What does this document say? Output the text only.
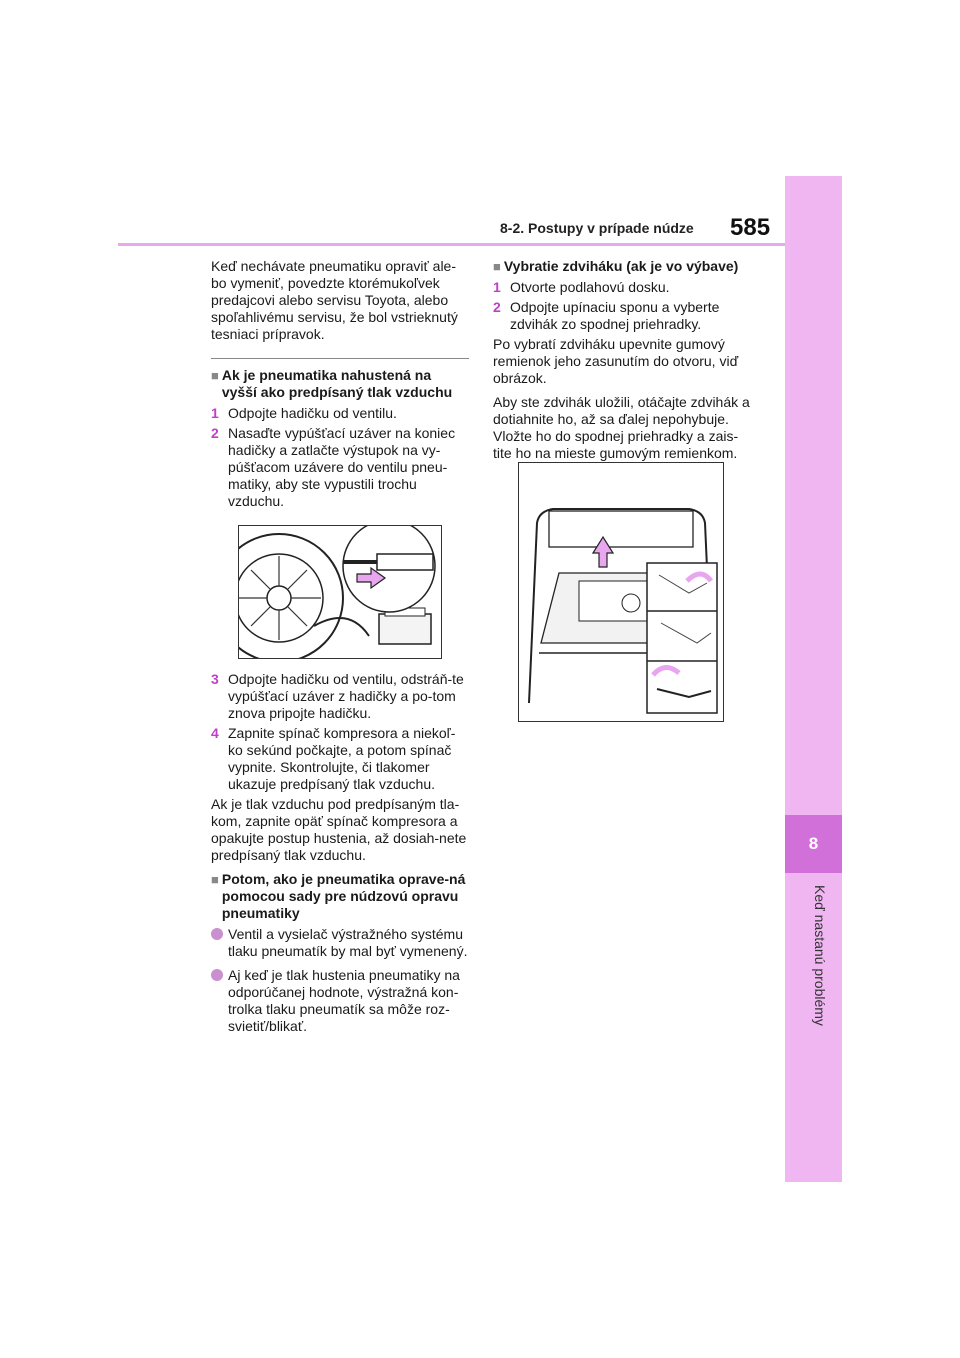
8
Keď nastanú problémy
8-2. Postupy v prípade núdze 585

Keď nechávate pneumatiku opraviť ale-bo vymeniť, povedzte ktorémukoľvek predajcovi alebo servisu Toyota, alebo spoľahlivému servisu, že bol vstrieknutý tesniaci prípravok.

■ Ak je pneumatika nahustená na vyšší ako predpísaný tlak vzduchu
1 Odpojte hadičku od ventilu.
2 Nasaďte vypúšťací uzáver na koniec hadičky a zatlačte výstupok na vy-púšťacom uzávere do ventilu pneu-matiky, aby ste vypustili trochu vzduchu.
3 Odpojte hadičku od ventilu, odstráň-te vypúšťací uzáver z hadičky a po-tom znova pripojte hadičku.
4 Zapnite spínač kompresora a niekoľ-ko sekúnd počkajte, a potom spínač vypnite. Skontrolujte, či tlakomer ukazuje predpísaný tlak vzduchu.

Ak je tlak vzduchu pod predpísaným tla-kom, zapnite opäť spínač kompresora a opakujte postup hustenia, až dosiah-nete predpísaný tlak vzduchu.

■ Potom, ako je pneumatika oprave-ná pomocou sady pre núdzovú opravu pneumatiky
Ventil a vysielač výstražného systému tlaku pneumatík by mal byť vymenený.
Aj keď je tlak hustenia pneumatiky na odporúčanej hodnote, výstražná kon-trolka tlaku pneumatík sa môže roz-svietiť/blikať.
■ Vybratie zdviháku (ak je vo výbave)
1 Otvorte podlahovú dosku.
2 Odpojte upínaciu sponu a vyberte zdvihák zo spodnej priehradky.

Po vybratí zdviháku upevnite gumový remienok jeho zasunutím do otvoru, viď obrázok.

Aby ste zdvihák uložili, otáčajte zdvihák a dotiahnite ho, až sa ďalej nepohybuje. Vložte ho do spodnej priehradky a zais-tite ho na mieste gumovým remienkom.
